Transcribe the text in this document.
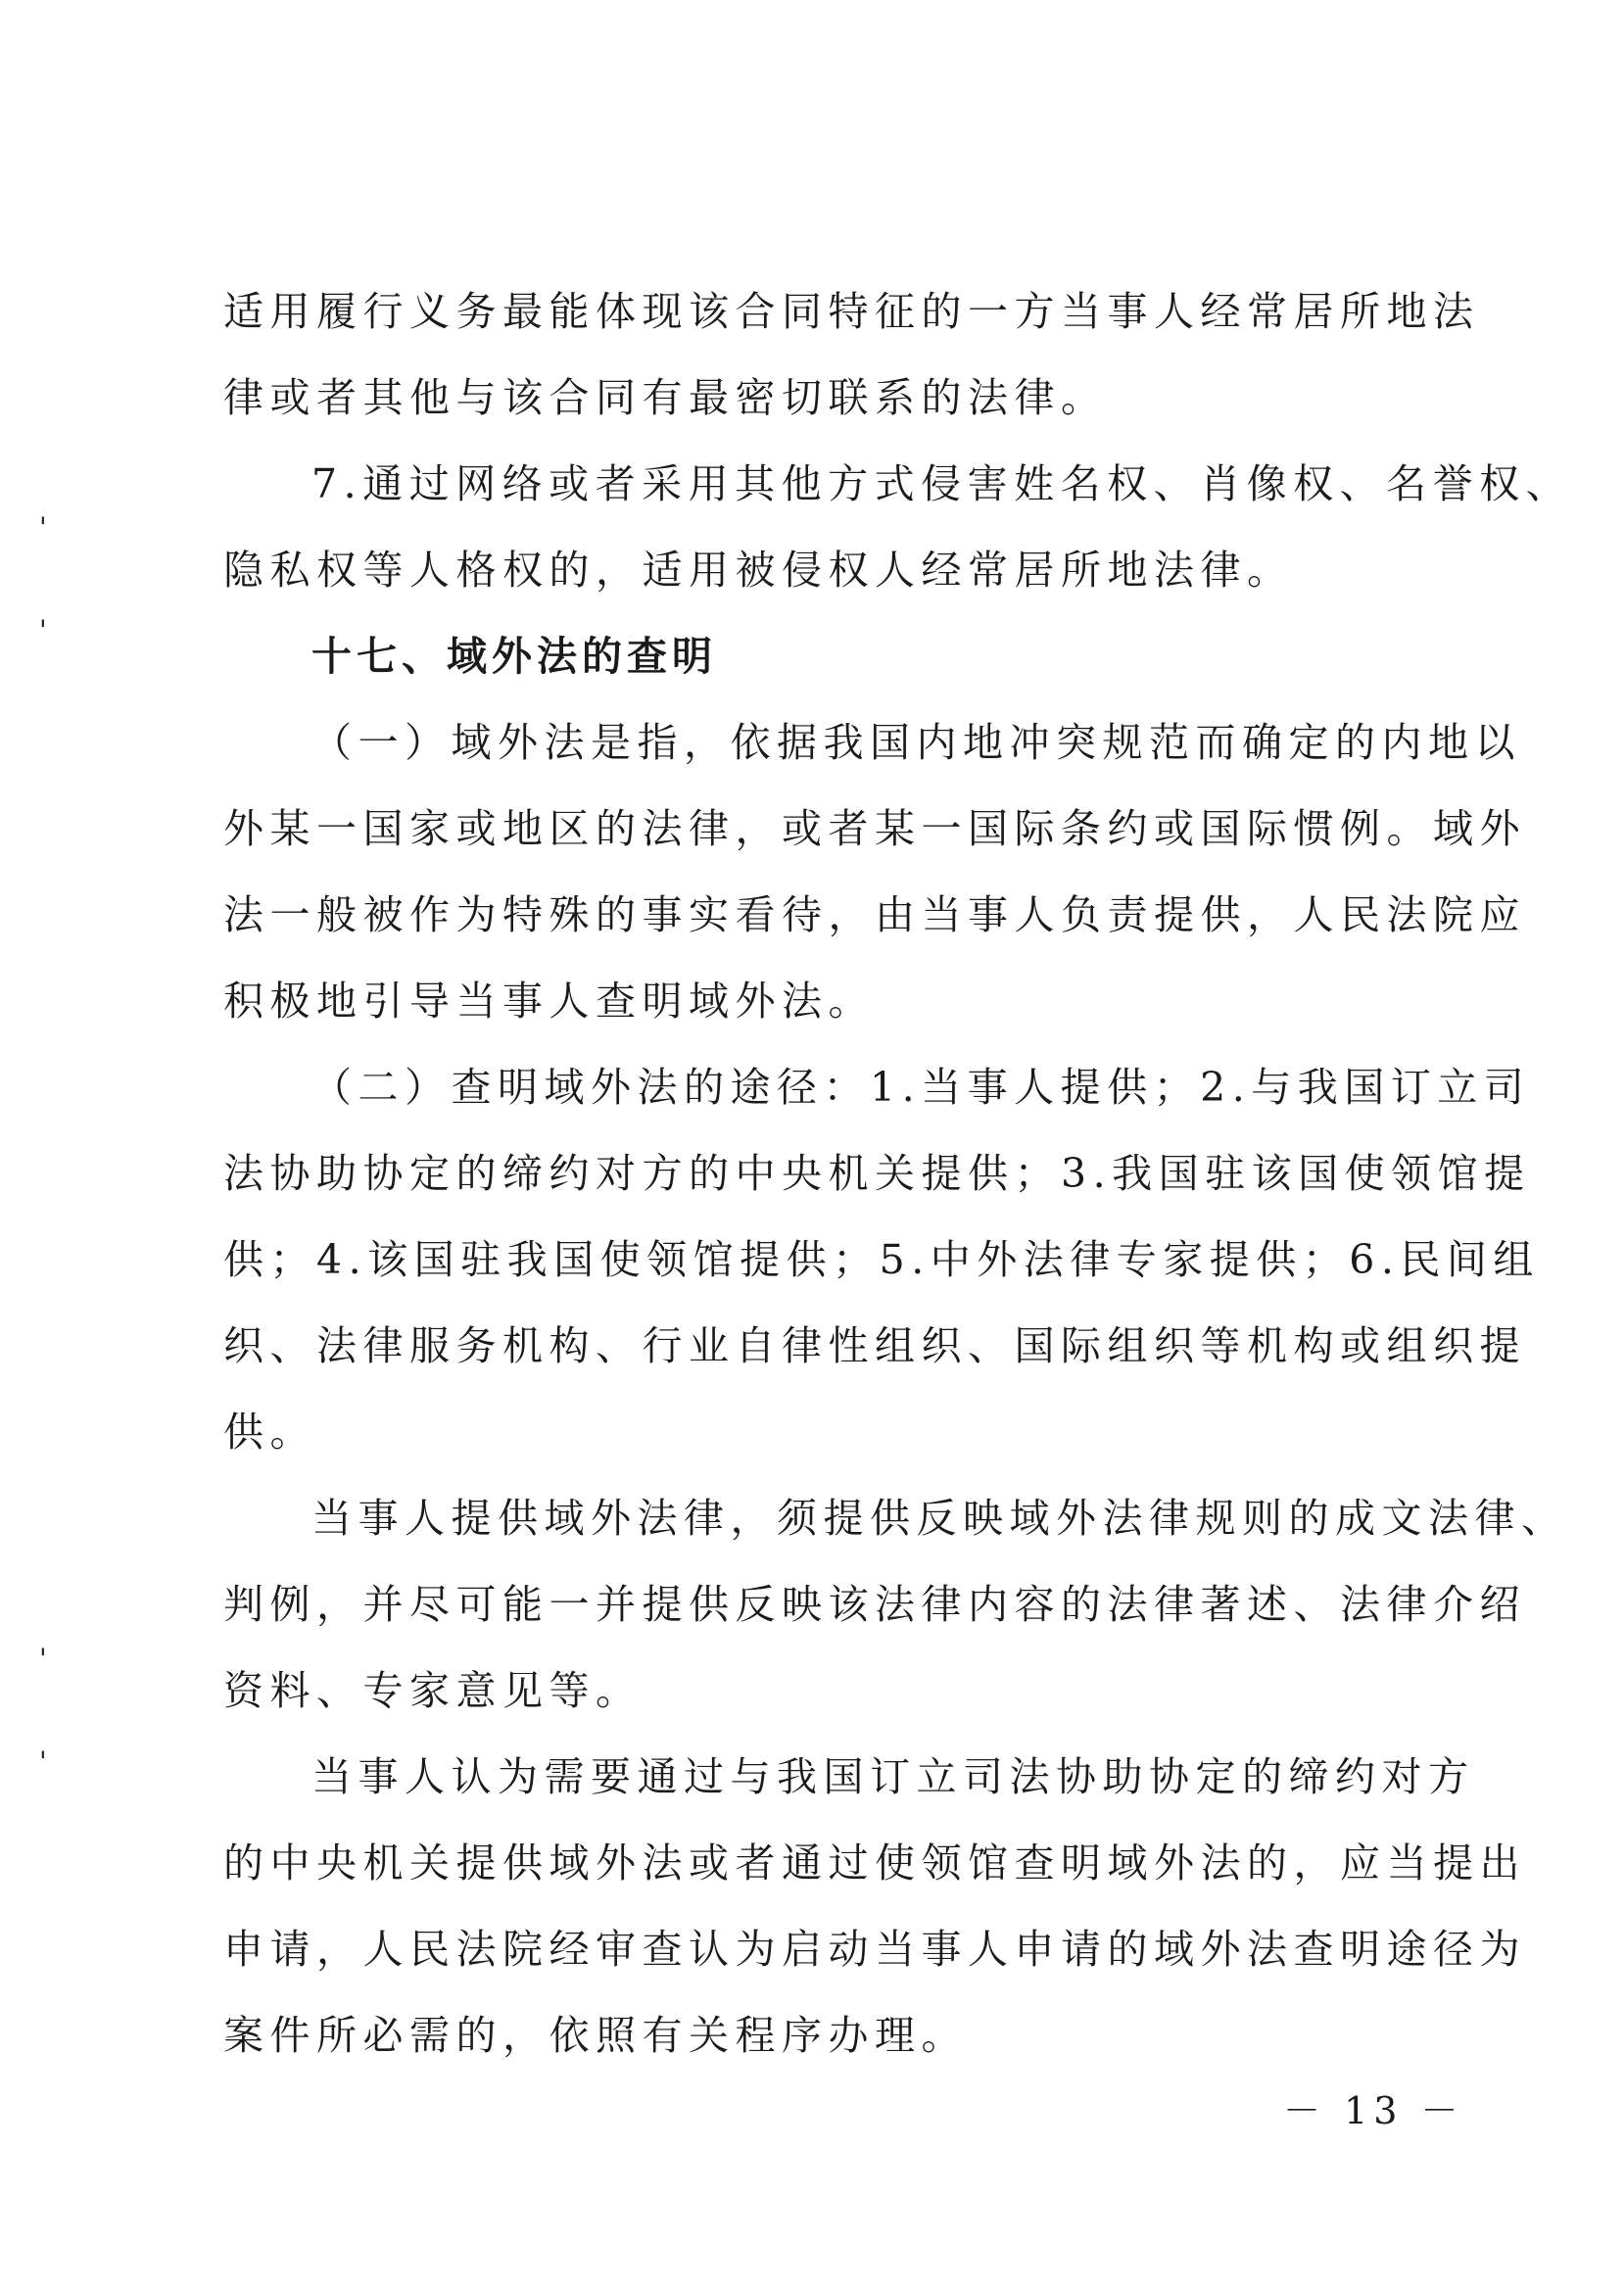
'
'
'
'
适用履行义务最能体现该合同特征的一方当事人经常居所地法
律或者其他与该合同有最密切联系的法律。
7.通过网络或者采用其他方式侵害姓名权、肖像权、名誉权、
隐私权等人格权的，适用被侵权人经常居所地法律。
十七、域外法的查明
（一）域外法是指，依据我国内地冲突规范而确定的内地以
外某一国家或地区的法律，或者某一国际条约或国际惯例。域外
法一般被作为特殊的事实看待，由当事人负责提供，人民法院应
积极地引导当事人查明域外法。
（二）查明域外法的途径：1.当事人提供；2.与我国订立司
法协助协定的缔约对方的中央机关提供；3.我国驻该国使领馆提
供；4.该国驻我国使领馆提供；5.中外法律专家提供；6.民间组
织、法律服务机构、行业自律性组织、国际组织等机构或组织提
供。
当事人提供域外法律，须提供反映域外法律规则的成文法律、
判例，并尽可能一并提供反映该法律内容的法律著述、法律介绍
资料、专家意见等。
当事人认为需要通过与我国订立司法协助协定的缔约对方
的中央机关提供域外法或者通过使领馆查明域外法的，应当提出
申请，人民法院经审查认为启动当事人申请的域外法查明途径为
案件所必需的，依照有关程序办理。
－ 13 －
